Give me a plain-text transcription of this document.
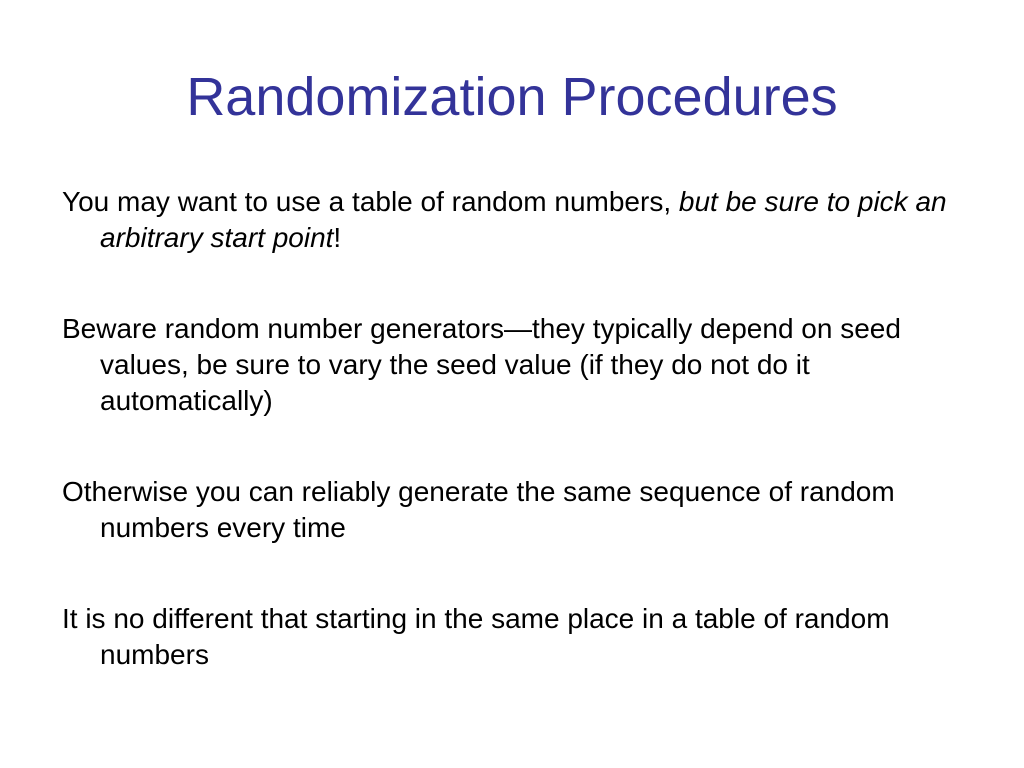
Randomization Procedures
You may want to use a table of random numbers, but be sure to pick an arbitrary start point!
Beware random number generators—they typically depend on seed values, be sure to vary the seed value (if they do not do it automatically)
Otherwise you can reliably generate the same sequence of random numbers every time
It is no different that starting in the same place in a table of random numbers
